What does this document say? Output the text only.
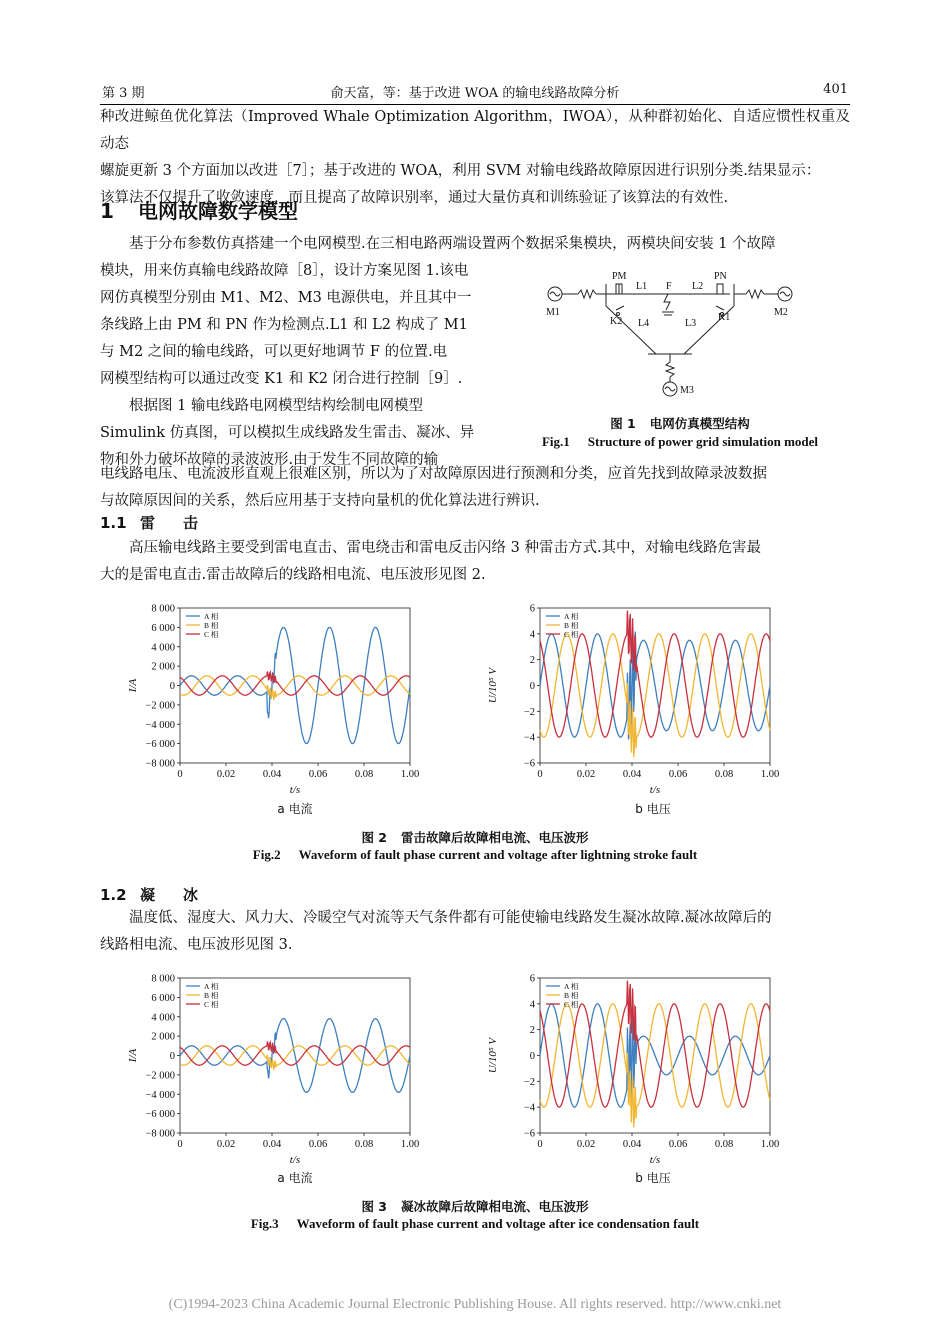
第 3 期	俞天富，等：基于改进 WOA 的输电线路故障分析	401

种改进鲸鱼优化算法（Improved Whale Optimization Algorithm，IWOA），从种群初始化、自适应惯性权重及动态

螺旋更新 3 个方面加以改进［7］；基于改进的 WOA，利用 SVM 对输电线路故障原因进行识别分类.结果显示：

该算法不仅提升了收敛速度，而且提高了故障识别率，通过大量仿真和训练验证了该算法的有效性.

1 电网故障数学模型

基于分布参数仿真搭建一个电网模型.在三相电路两端设置两个数据采集模块，两模块间安装 1 个故障

模块，用来仿真输电线路故障［8］，设计方案见图 1.该电

网仿真模型分别由 M1、M2、M3 电源供电，并且其中一

条线路上由 PM 和 PN 作为检测点.L1 和 L2 构成了 M1

与 M2 之间的输电线路，可以更好地调节 F 的位置.电

网模型结构可以通过改变 K1 和 K2 闭合进行控制［9］.

根据图 1 输电线路电网模型结构绘制电网模型

Simulink 仿真图，可以模拟生成线路发生雷击、凝冰、异

物和外力破坏故障的录波波形.由于发生不同故障的输

电线路电压、电流波形直观上很难区别，所以为了对故障原因进行预测和分类，应首先找到故障录波数据

与故障原因间的关系，然后应用基于支持向量机的优化算法进行辨识.

PM	PN
L1 F L2
M1	M2
K2	K1
L4	L3
M3
图 1 电网仿真模型结构
Fig.1 Structure of power grid simulation model
1.1 雷击

高压输电线路主要受到雷电直击、雷电绕击和雷电反击闪络 3 种雷击方式.其中，对输电线路危害最

大的是雷电直击.雷击故障后的线路相电流、电压波形见图 2.

8 000
6 000
4 000
2 000
0
−2 000
−4 000
−6 000
−8 000
0	0.02	0.04	0.06	0.08	1.00
t/s
I/A
A 相
B 相
C 相
6
4
2
0
−2
−4
−6
0	0.02	0.04	0.06	0.08	1.00
t/s
U/10⁵ V
A 相
B 相
C 相
a 电流	b 电压
图 2 雷击故障后故障相电流、电压波形
Fig.2 Waveform of fault phase current and voltage after lightning stroke fault
1.2 凝冰

温度低、湿度大、风力大、冷暖空气对流等天气条件都有可能使输电线路发生凝冰故障.凝冰故障后的

线路相电流、电压波形见图 3.

8 000
6 000
4 000
2 000
0
−2 000
−4 000
−6 000
−8 000
0	0.02	0.04	0.06	0.08	1.00
t/s
I/A
A 相
B 相
C 相
6
4
2
0
−2
−4
−6
0	0.02	0.04	0.06	0.08	1.00
t/s
U/10⁵ V
A 相
B 相
C 相
a 电流	b 电压
图 3 凝冰故障后故障相电流、电压波形
Fig.3 Waveform of fault phase current and voltage after ice condensation fault
(C)1994-2023 China Academic Journal Electronic Publishing House. All rights reserved. http://www.cnki.net
